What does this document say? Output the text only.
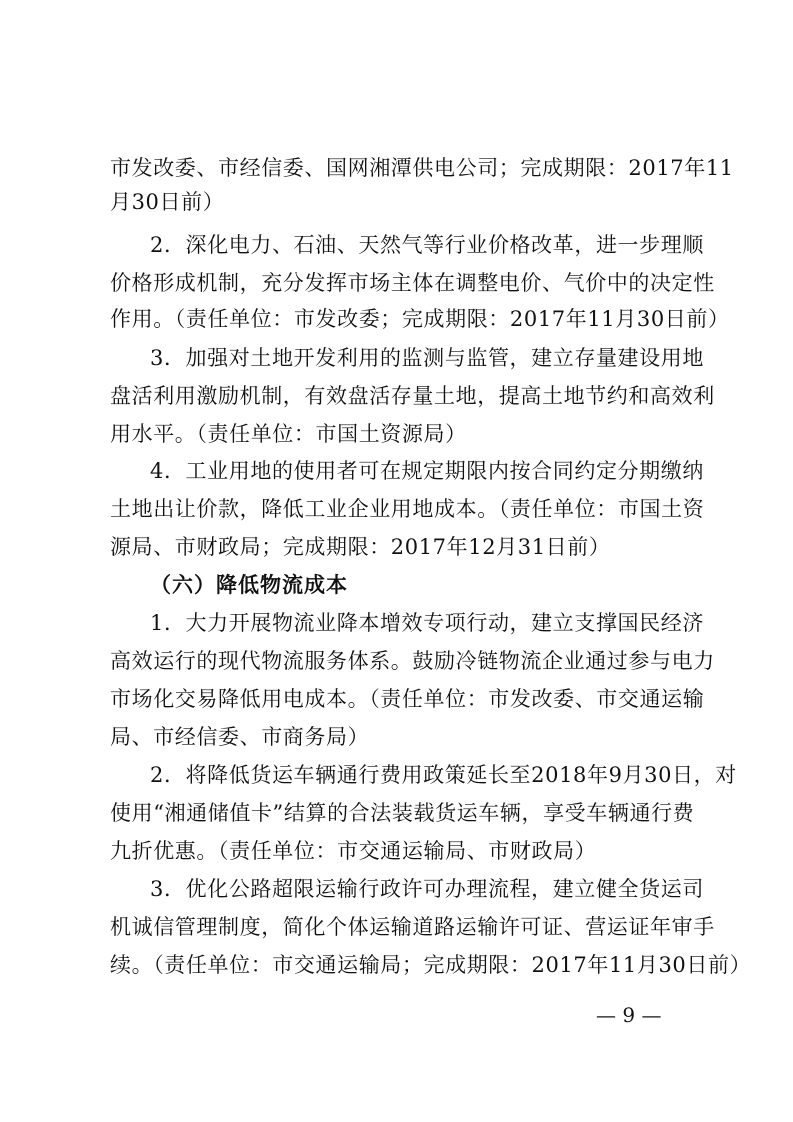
市发改委、市经信委、国网湘潭供电公司；完成期限：2017年11
月30日前）
2．深化电力、石油、天然气等行业价格改革，进一步理顺
价格形成机制，充分发挥市场主体在调整电价、气价中的决定性
作用。（责任单位：市发改委；完成期限：2017年11月30日前）
3．加强对土地开发利用的监测与监管，建立存量建设用地
盘活利用激励机制，有效盘活存量土地，提高土地节约和高效利
用水平。（责任单位：市国土资源局）
4．工业用地的使用者可在规定期限内按合同约定分期缴纳
土地出让价款，降低工业企业用地成本。（责任单位：市国土资
源局、市财政局；完成期限：2017年12月31日前）
（六）降低物流成本
1．大力开展物流业降本增效专项行动，建立支撑国民经济
高效运行的现代物流服务体系。鼓励冷链物流企业通过参与电力
市场化交易降低用电成本。（责任单位：市发改委、市交通运输
局、市经信委、市商务局）
2．将降低货运车辆通行费用政策延长至2018年9月30日，对
使用“湘通储值卡”结算的合法装载货运车辆，享受车辆通行费
九折优惠。（责任单位：市交通运输局、市财政局）
3．优化公路超限运输行政许可办理流程，建立健全货运司
机诚信管理制度，简化个体运输道路运输许可证、营运证年审手
续。（责任单位：市交通运输局；完成期限：2017年11月30日前）
— 9 —
